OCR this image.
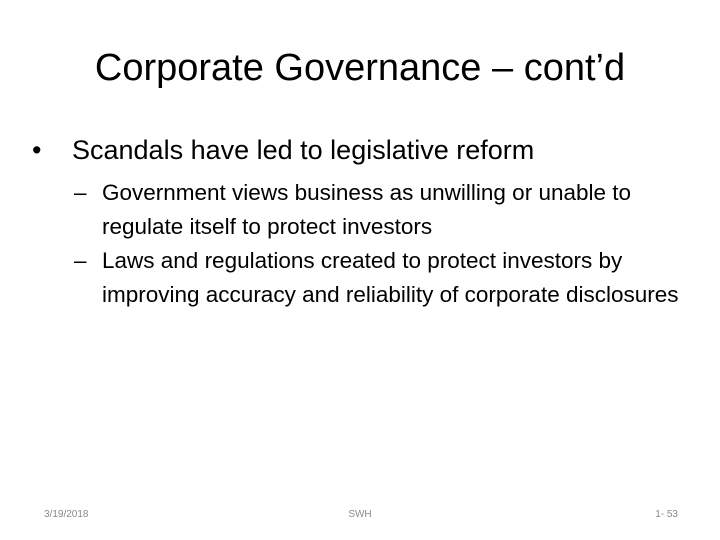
Corporate Governance – cont’d
•	Scandals have led to legislative reform
– Government views business as unwilling or unable to regulate itself to protect investors
– Laws and regulations created to protect investors by improving accuracy and reliability of corporate disclosures
3/19/2018	SWH	1- 53
